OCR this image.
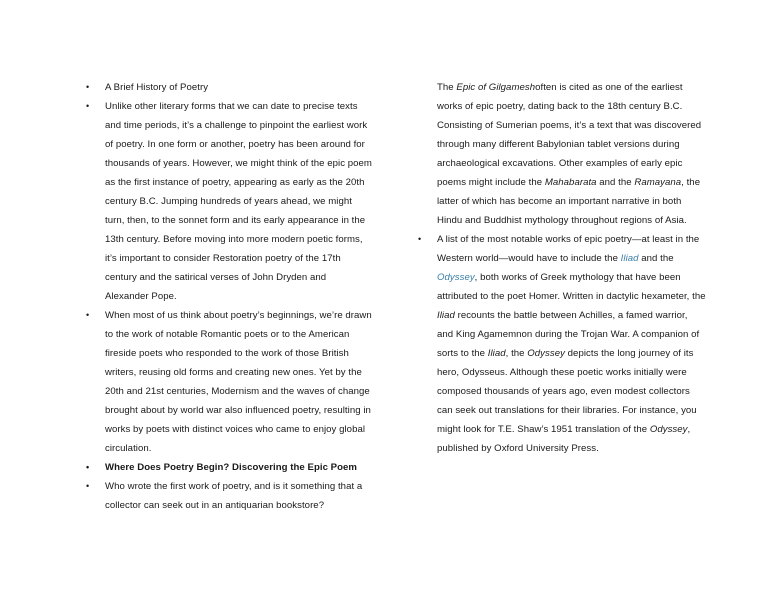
•	A Brief History of Poetry

•	Unlike other literary forms that we can date to precise texts and time periods, it’s a challenge to pinpoint the earliest work of poetry. In one form or another, poetry has been around for thousands of years. However, we might think of the epic poem as the first instance of poetry, appearing as early as the 20th century B.C. Jumping hundreds of years ahead, we might turn, then, to the sonnet form and its early appearance in the 13th century. Before moving into more modern poetic forms, it’s important to consider Restoration poetry of the 17th century and the satirical verses of John Dryden and Alexander Pope.

•	When most of us think about poetry’s beginnings, we’re drawn to the work of notable Romantic poets or to the American fireside poets who responded to the work of those British writers, reusing old forms and creating new ones. Yet by the 20th and 21st centuries, Modernism and the waves of change brought about by world war also influenced poetry, resulting in works by poets with distinct voices who came to enjoy global circulation.

•	Where Does Poetry Begin? Discovering the Epic Poem

•	Who wrote the first work of poetry, and is it something that a collector can seek out in an antiquarian bookstore?

The Epic of Gilgameshoften is cited as one of the earliest works of epic poetry, dating back to the 18th century B.C. Consisting of Sumerian poems, it’s a text that was discovered through many different Babylonian tablet versions during archaeological excavations. Other examples of early epic poems might include the Mahabarata and the Ramayana, the latter of which has become an important narrative in both Hindu and Buddhist mythology throughout regions of Asia.

•	A list of the most notable works of epic poetry—at least in the Western world—would have to include the Iliad and the Odyssey, both works of Greek mythology that have been attributed to the poet Homer. Written in dactylic hexameter, the Iliad recounts the battle between Achilles, a famed warrior, and King Agamemnon during the Trojan War. A companion of sorts to the Iliad, the Odyssey depicts the long journey of its hero, Odysseus. Although these poetic works initially were composed thousands of years ago, even modest collectors can seek out translations for their libraries. For instance, you might look for T.E. Shaw’s 1951 translation of the Odyssey, published by Oxford University Press.
